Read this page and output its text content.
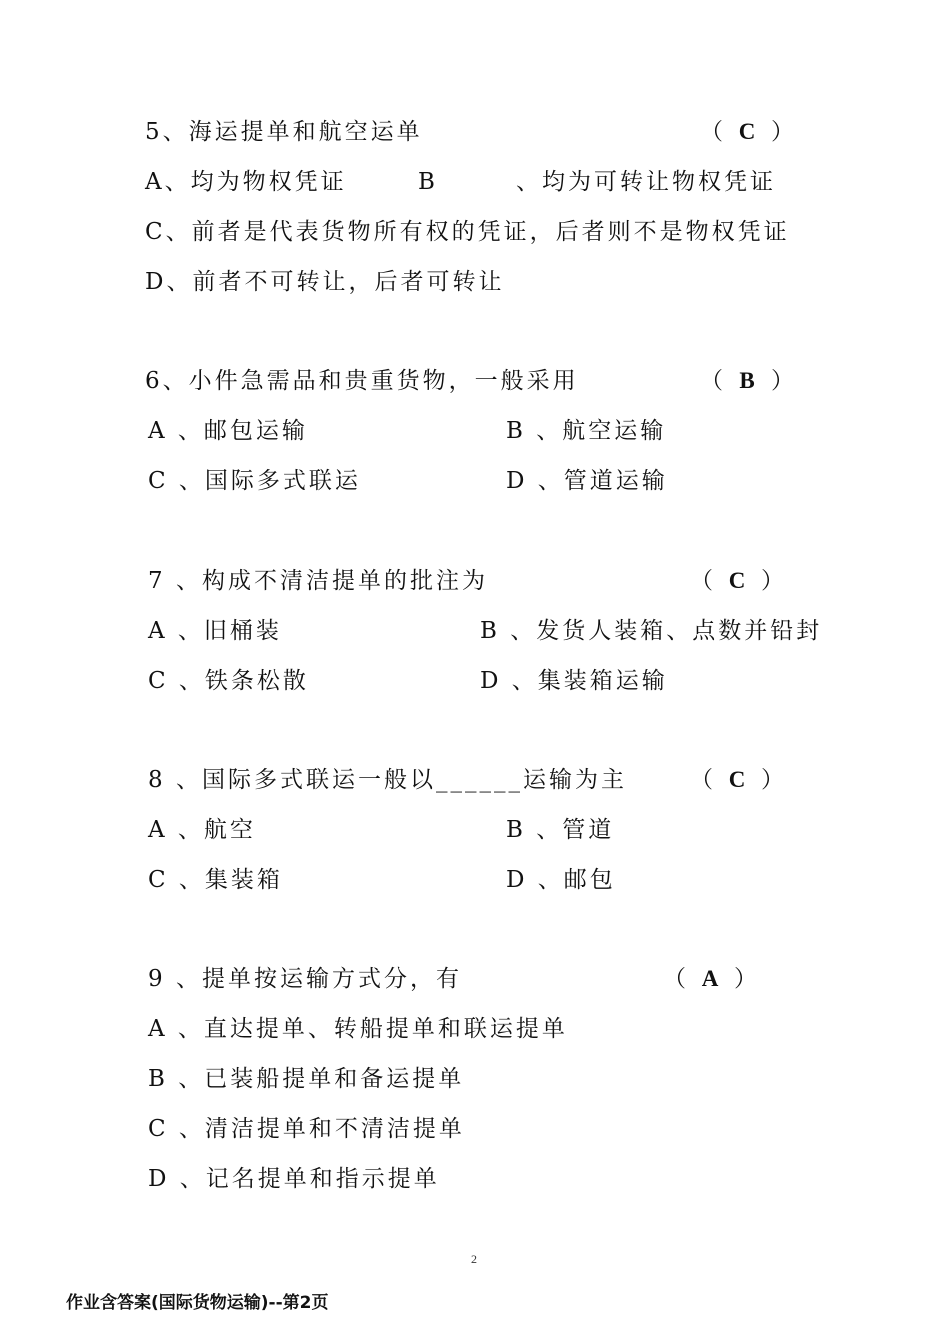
5、海运提单和航空运单	（ C ）
A、均为物权凭证	B	、均为可转让物权凭证
C、前者是代表货物所有权的凭证，后者则不是物权凭证
D、前者不可转让，后者可转让
6、小件急需品和贵重货物，一般采用	（ B ）
A 、邮包运输	B 、航空运输
C 、国际多式联运	D 、管道运输
7 、构成不清洁提单的批注为	（ C ）
A 、旧桶装	B 、发货人装箱、点数并铅封
C 、铁条松散	D 、集装箱运输
8 、国际多式联运一般以______运输为主	（ C ）
A 、航空	B 、管道
C 、集装箱	D 、邮包
9 、提单按运输方式分，有	（ A ）
A 、直达提单、转船提单和联运提单
B 、已装船提单和备运提单
C 、清洁提单和不清洁提单
D 、记名提单和指示提单
2
作业含答案(国际货物运输)--第2页
